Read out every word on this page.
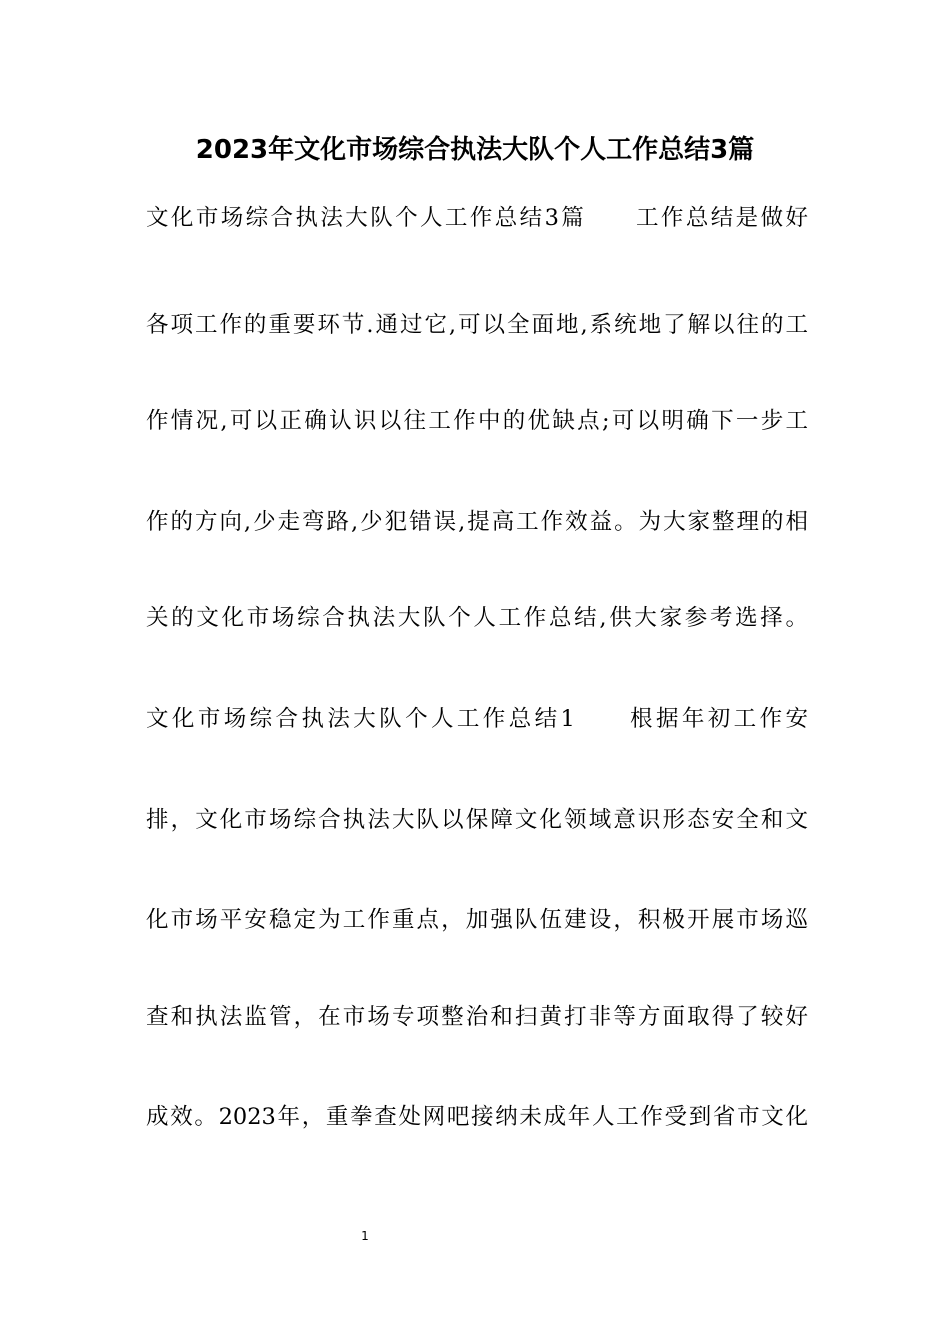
2023年文化市场综合执法大队个人工作总结3篇
文化市场综合执法大队个人工作总结3篇　　工作总结是做好
各项工作的重要环节.通过它,可以全面地,系统地了解以往的工
作情况,可以正确认识以往工作中的优缺点;可以明确下一步工
作的方向,少走弯路,少犯错误,提高工作效益。为大家整理的相
关的文化市场综合执法大队个人工作总结,供大家参考选择。
文化市场综合执法大队个人工作总结1　　根据年初工作安
排，文化市场综合执法大队以保障文化领域意识形态安全和文
化市场平安稳定为工作重点，加强队伍建设，积极开展市场巡
查和执法监管，在市场专项整治和扫黄打非等方面取得了较好
成效。2023年，重拳查处网吧接纳未成年人工作受到省市文化
1
